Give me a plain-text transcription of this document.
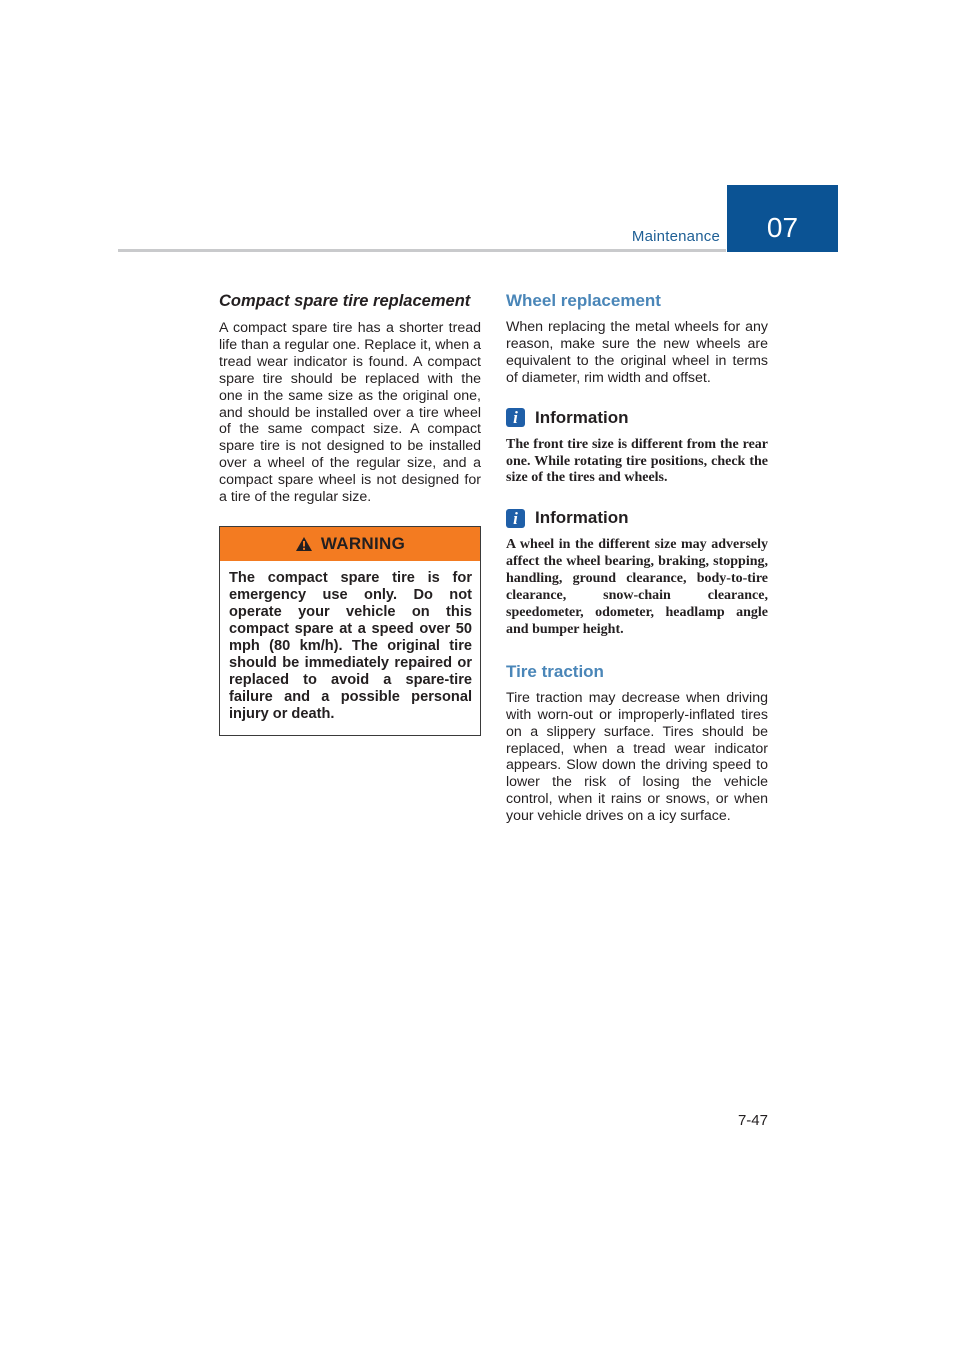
Maintenance	07
Compact spare tire replacement

A compact spare tire has a shorter tread life than a regular one. Replace it, when a tread wear indicator is found. A compact spare tire should be replaced with the one in the same size as the original one, and should be installed over a tire wheel of the same compact size. A compact spare tire is not designed to be installed over a wheel of the regular size, and a compact spare wheel is not designed for a tire of the regular size.

WARNING
The compact spare tire is for emergency use only. Do not operate your vehicle on this compact spare at a speed over 50 mph (80 km/h). The original tire should be immediately repaired or replaced to avoid a spare-tire failure and a possible personal injury or death.
Wheel replacement

When replacing the metal wheels for any reason, make sure the new wheels are equivalent to the original wheel in terms of diameter, rim width and offset.

i	Information

The front tire size is different from the rear one. While rotating tire positions, check the size of the tires and wheels.

i	Information

A wheel in the different size may adversely affect the wheel bearing, braking, stopping, handling, ground clearance, body-to-tire clearance, snow-chain clearance, speedometer, odometer, headlamp angle and bumper height.

Tire traction

Tire traction may decrease when driving with worn-out or improperly-inflated tires on a slippery surface. Tires should be replaced, when a tread wear indicator appears. Slow down the driving speed to lower the risk of losing the vehicle control, when it rains or snows, or when your vehicle drives on a icy surface.

7-47
